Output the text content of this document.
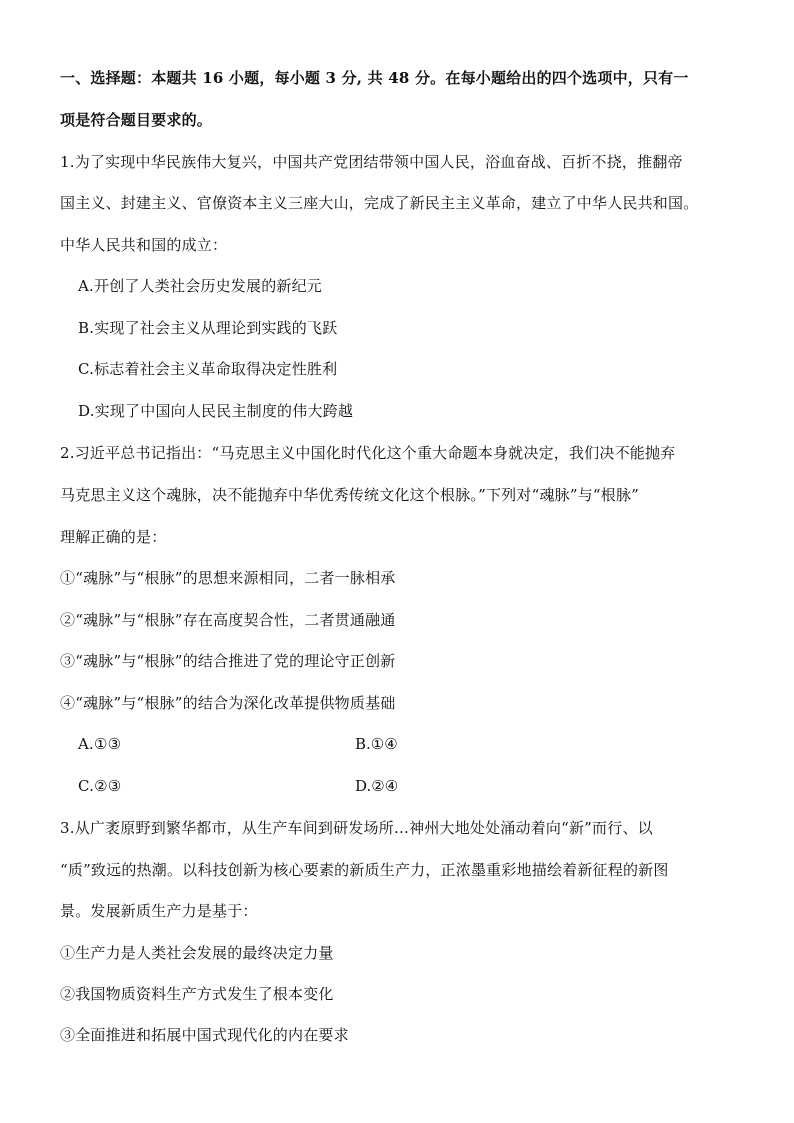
一、选择题：本题共 16 小题，每小题 3 分, 共 48 分。在每小题给出的四个选项中，只有一
项是符合题目要求的。
1.为了实现中华民族伟大复兴，中国共产党团结带领中国人民，浴血奋战、百折不挠，推翻帝
国主义、封建主义、官僚资本主义三座大山，完成了新民主主义革命，建立了中华人民共和国。
中华人民共和国的成立：
A.开创了人类社会历史发展的新纪元
B.实现了社会主义从理论到实践的飞跃
C.标志着社会主义革命取得决定性胜利
D.实现了中国向人民民主制度的伟大跨越
2.习近平总书记指出：“马克思主义中国化时代化这个重大命题本身就决定，我们决不能抛弃
马克思主义这个魂脉，决不能抛弃中华优秀传统文化这个根脉。”下列对“魂脉”与“根脉”
理解正确的是：
①“魂脉”与“根脉”的思想来源相同，二者一脉相承
②“魂脉”与“根脉”存在高度契合性，二者贯通融通
③“魂脉”与“根脉”的结合推进了党的理论守正创新
④“魂脉”与“根脉”的结合为深化改革提供物质基础
A.①③	B.①④
C.②③	D.②④
3.从广袤原野到繁华都市，从生产车间到研发场所…神州大地处处涌动着向“新”而行、以
“质”致远的热潮。以科技创新为核心要素的新质生产力，正浓墨重彩地描绘着新征程的新图
景。发展新质生产力是基于：
①生产力是人类社会发展的最终决定力量
②我国物质资料生产方式发生了根本变化
③全面推进和拓展中国式现代化的内在要求
